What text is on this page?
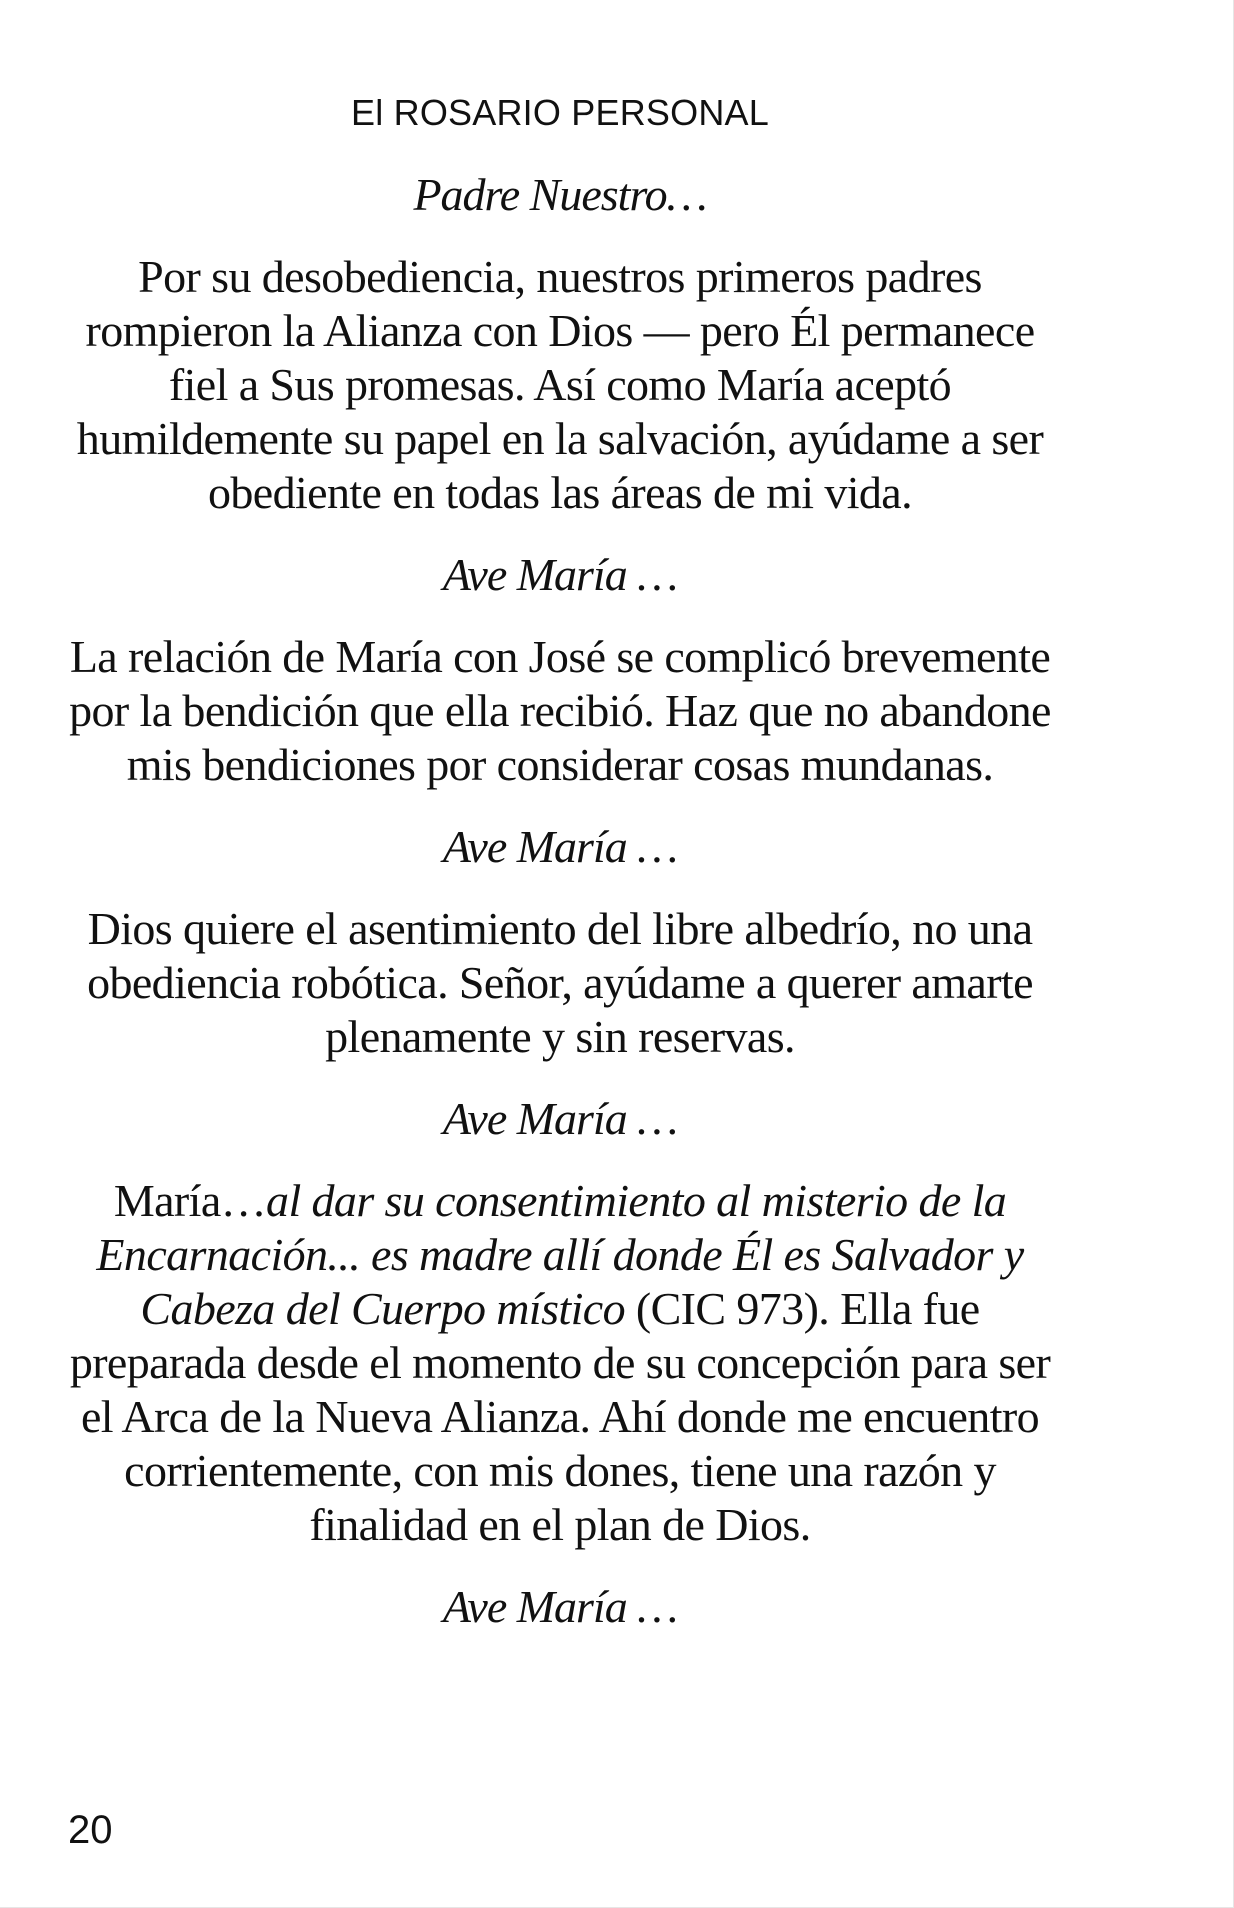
El ROSARIO PERSONAL

Padre Nuestro…

Por su desobediencia, nuestros primeros padres rompieron la Alianza con Dios — pero Él permanece fiel a Sus promesas. Así como María aceptó humildemente su papel en la salvación, ayúdame a ser obediente en todas las áreas de mi vida.

Ave María …

La relación de María con José se complicó brevemente por la bendición que ella recibió. Haz que no abandone mis bendiciones por considerar cosas mundanas.

Ave María …

Dios quiere el asentimiento del libre albedrío, no una obediencia robótica. Señor, ayúdame a querer amarte plenamente y sin reservas.

Ave María …

María…al dar su consentimiento al misterio de la Encarnación... es madre allí donde Él es Salvador y Cabeza del Cuerpo místico (CIC 973). Ella fue preparada desde el momento de su concepción para ser el Arca de la Nueva Alianza. Ahí donde me encuentro corrientemente, con mis dones, tiene una razón y finalidad en el plan de Dios.

Ave María …

20
